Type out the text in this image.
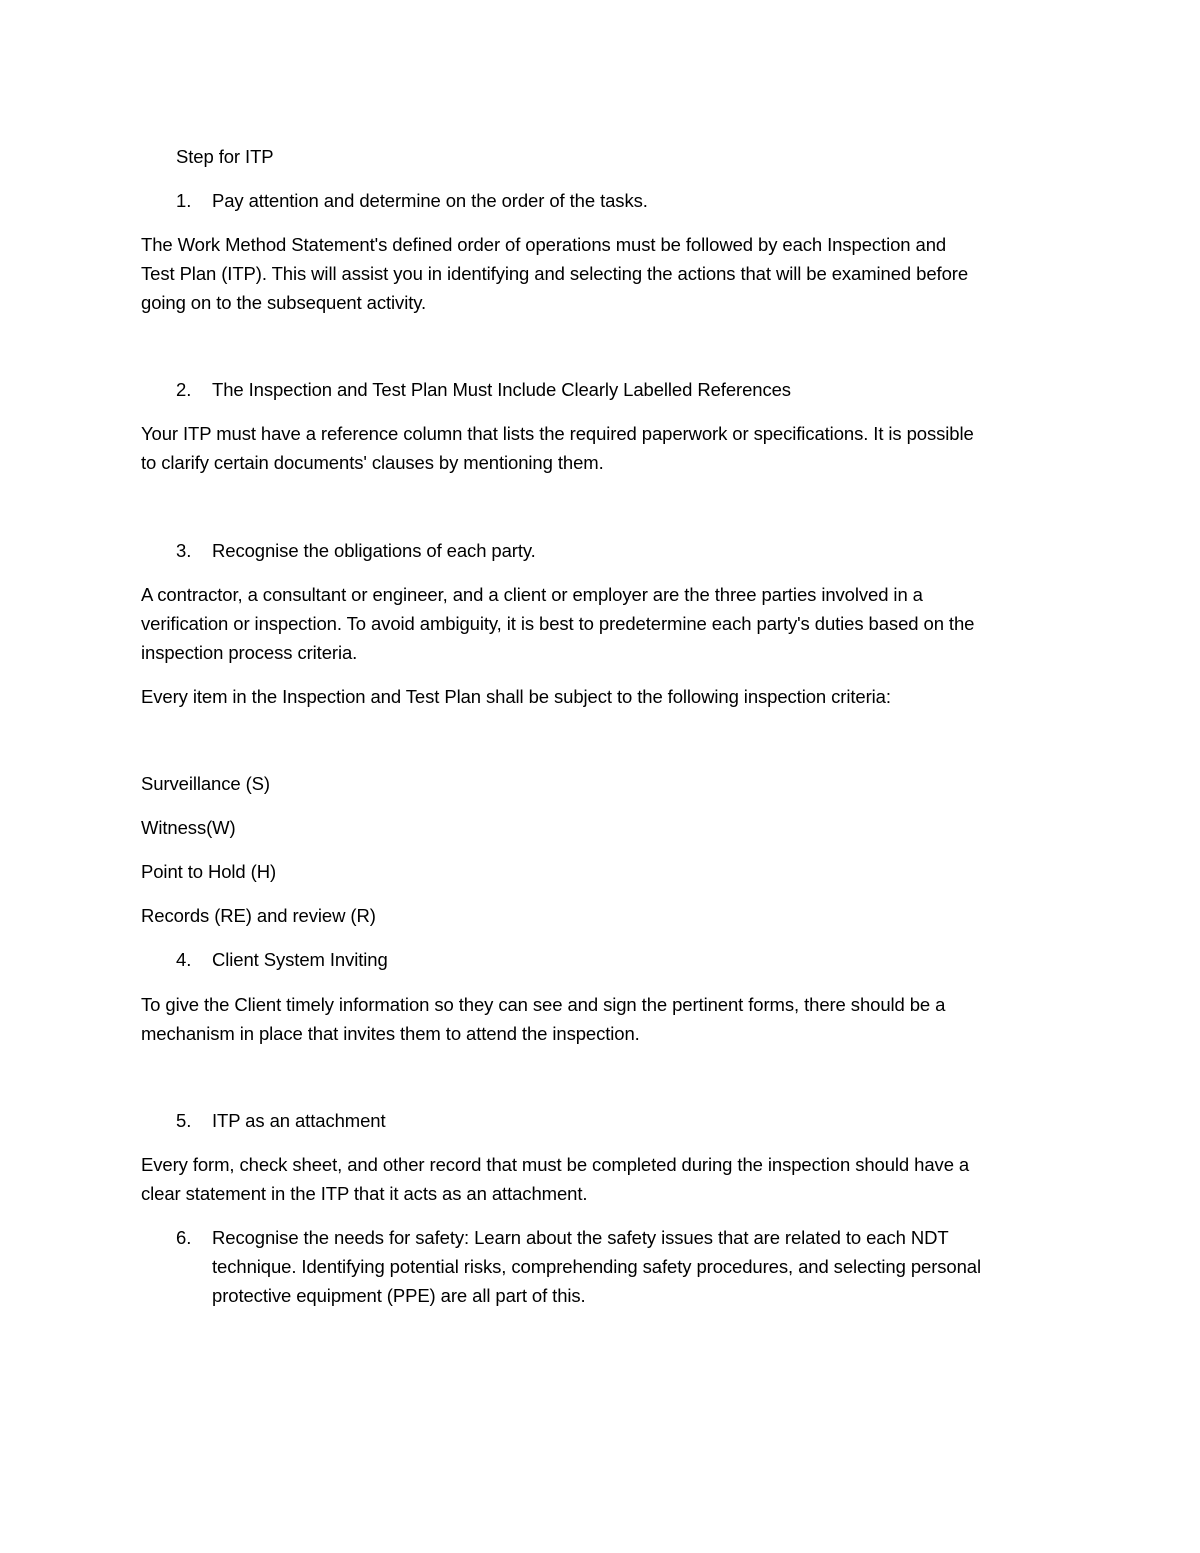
Step for ITP
1. Pay attention and determine on the order of the tasks.
The Work Method Statement's defined order of operations must be followed by each Inspection and
Test Plan (ITP). This will assist you in identifying and selecting the actions that will be examined before
going on to the subsequent activity.
2. The Inspection and Test Plan Must Include Clearly Labelled References
Your ITP must have a reference column that lists the required paperwork or specifications. It is possible
to clarify certain documents' clauses by mentioning them.
3. Recognise the obligations of each party.
A contractor, a consultant or engineer, and a client or employer are the three parties involved in a
verification or inspection. To avoid ambiguity, it is best to predetermine each party's duties based on the
inspection process criteria.
Every item in the Inspection and Test Plan shall be subject to the following inspection criteria:
Surveillance (S)
Witness(W)
Point to Hold (H)
Records (RE) and review (R)
4. Client System Inviting
To give the Client timely information so they can see and sign the pertinent forms, there should be a
mechanism in place that invites them to attend the inspection.
5. ITP as an attachment
Every form, check sheet, and other record that must be completed during the inspection should have a
clear statement in the ITP that it acts as an attachment.
6. Recognise the needs for safety: Learn about the safety issues that are related to each NDT
technique. Identifying potential risks, comprehending safety procedures, and selecting personal
protective equipment (PPE) are all part of this.
